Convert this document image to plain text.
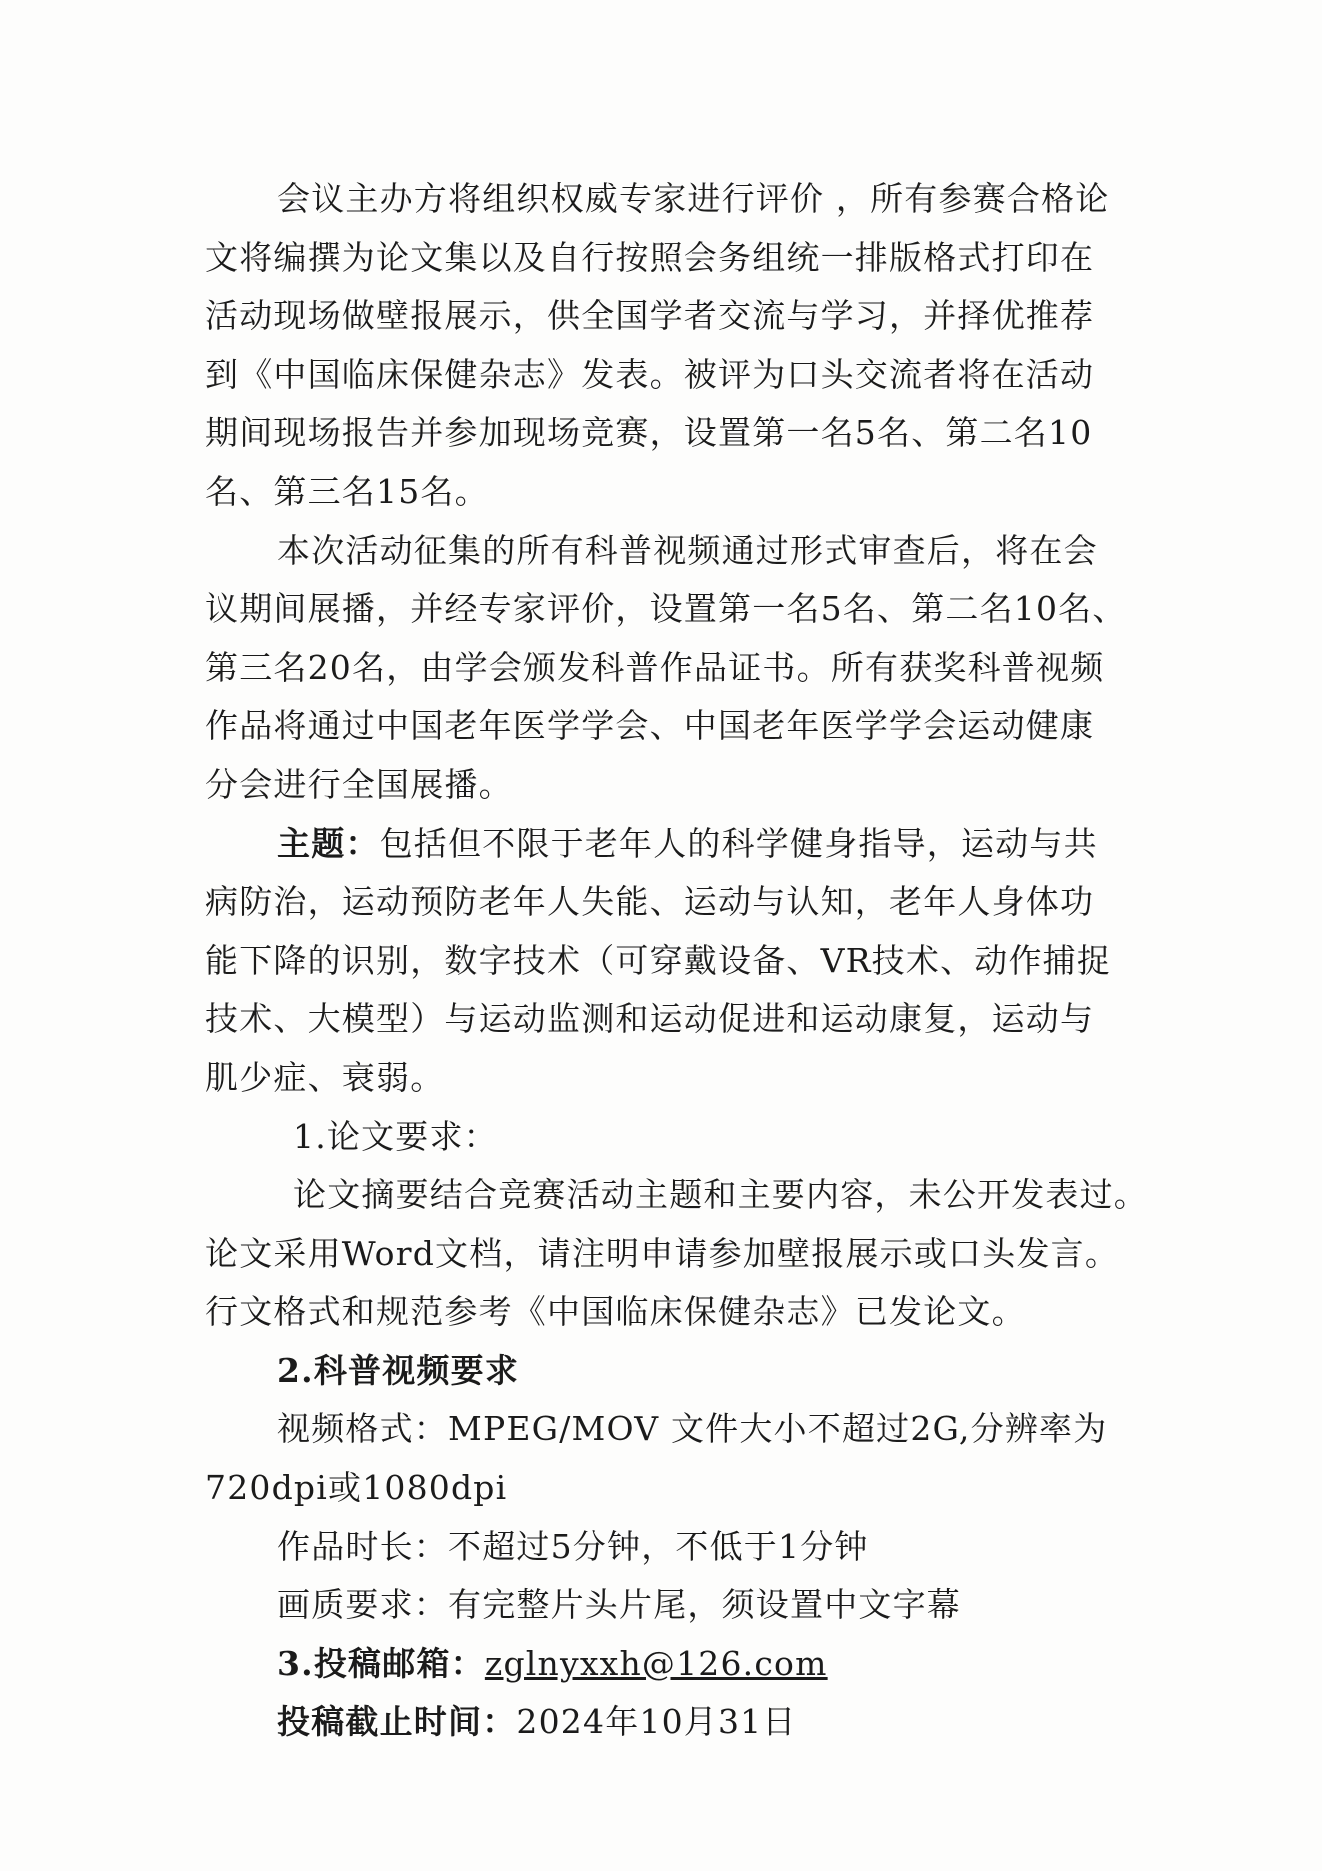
会议主办方将组织权威专家进行评价 ，所有参赛合格论
文将编撰为论文集以及自行按照会务组统一排版格式打印在
活动现场做壁报展示，供全国学者交流与学习，并择优推荐
到《中国临床保健杂志》发表。被评为口头交流者将在活动
期间现场报告并参加现场竞赛，设置第一名5名、第二名10
名、第三名15名。
本次活动征集的所有科普视频通过形式审查后，将在会
议期间展播，并经专家评价，设置第一名5名、第二名10名、
第三名20名，由学会颁发科普作品证书。所有获奖科普视频
作品将通过中国老年医学学会、中国老年医学学会运动健康
分会进行全国展播。
主题：包括但不限于老年人的科学健身指导，运动与共
病防治，运动预防老年人失能、运动与认知，老年人身体功
能下降的识别，数字技术（可穿戴设备、VR技术、动作捕捉
技术、大模型）与运动监测和运动促进和运动康复，运动与
肌少症、衰弱。
1.论文要求：
论文摘要结合竞赛活动主题和主要内容，未公开发表过。
论文采用Word文档，请注明申请参加壁报展示或口头发言。
行文格式和规范参考《中国临床保健杂志》已发论文。
2.科普视频要求
视频格式：MPEG/MOV 文件大小不超过2G,分辨率为
720dpi或1080dpi
作品时长：不超过5分钟，不低于1分钟
画质要求：有完整片头片尾，须设置中文字幕
3.投稿邮箱：zglnyxxh@126.com
投稿截止时间：2024年10月31日
